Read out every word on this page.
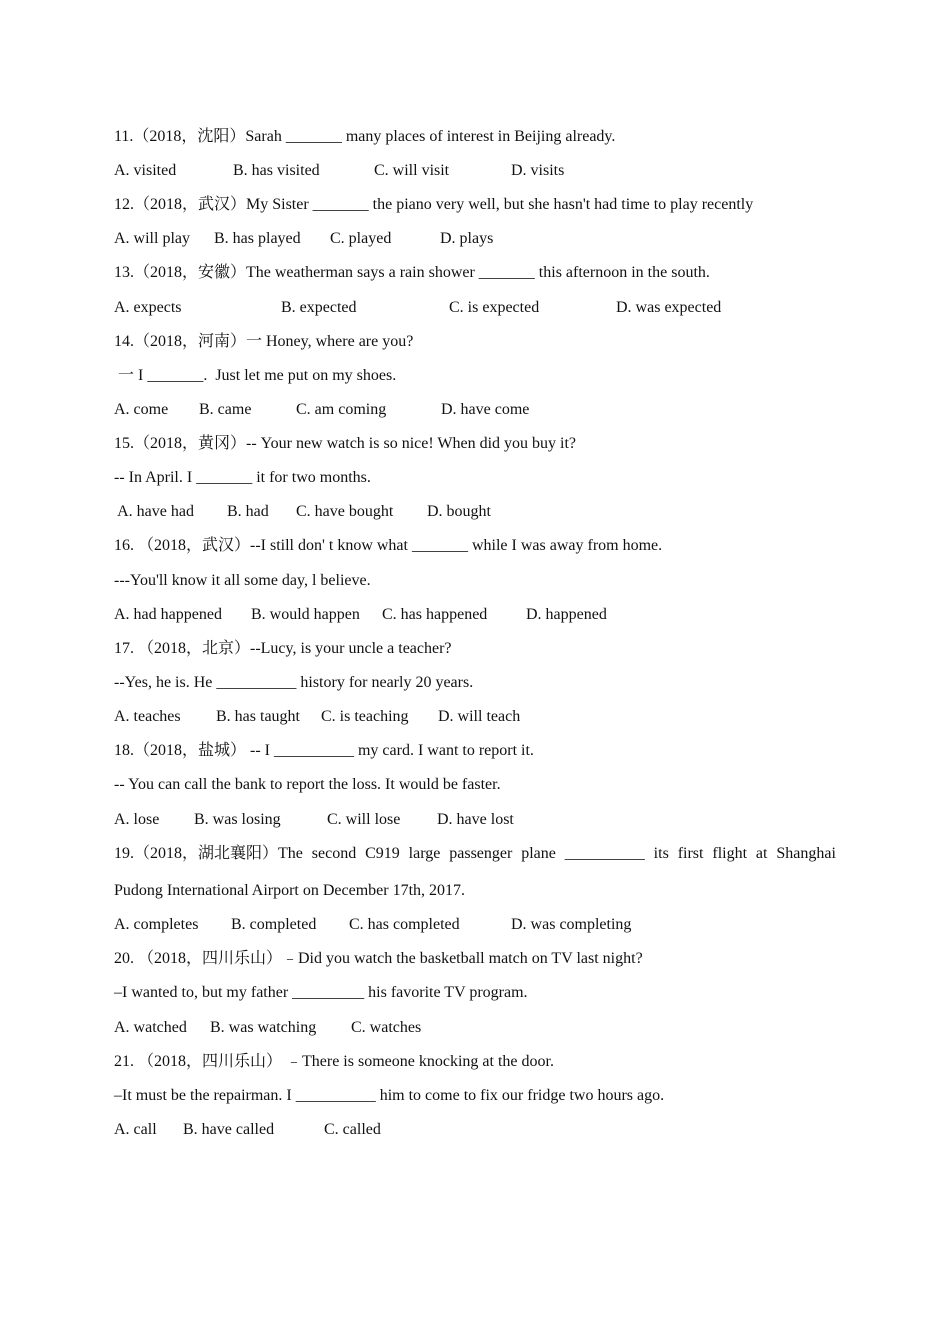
11.（2018，沈阳）Sarah _______ many places of interest in Beijing already.
A. visited	B. has visited	C. will visit	D. visits
12.（2018，武汉）My Sister _______ the piano very well, but she hasn't had time to play recently
A. will play B. has played C. played	D. plays
13.（2018，安徽）The weatherman says a rain shower _______ this afternoon in the south.
A. expects	B. expected	C. is expected	D. was expected
14.（2018，河南）一 Honey, where are you?
一 I _______.  Just let me put on my shoes.
A. come B. came	C. am coming	D. have come
15.（2018，黄冈）-- Your new watch is so nice! When did you buy it?
-- In April. I _______ it for two months.
A. have had B. had C. have bought D. bought
16. （2018，武汉）--I still don' t know what _______ while I was away from home.
---You'll know it all some day, l believe.
A. had happened B. would happen C. has happened D. happened
17. （2018，北京）--Lucy, is your uncle a teacher?
--Yes, he is. He __________ history for nearly 20 years.
A. teaches B. has taught C. is teaching D. will teach
18.（2018，盐城） -- I __________ my card. I want to report it.
-- You can call the bank to report the loss. It would be faster.
A. lose B. was losing	C. will lose D. have lost
19.（2018，湖北襄阳）The second C919 large passenger plane __________ its first flight at Shanghai
Pudong International Airport on December 17th, 2017.
A. completes B. completed C. has completed	D. was completing
20. （2018，四川乐山）﹣Did you watch the basketball match on TV last night?
–I wanted to, but my father _________ his favorite TV program.
A. watched B. was watching C. watches
21. （2018，四川乐山） ﹣There is someone knocking at the door.
–It must be the repairman. I __________ him to come to fix our fridge two hours ago.
A. call B. have called	C. called
